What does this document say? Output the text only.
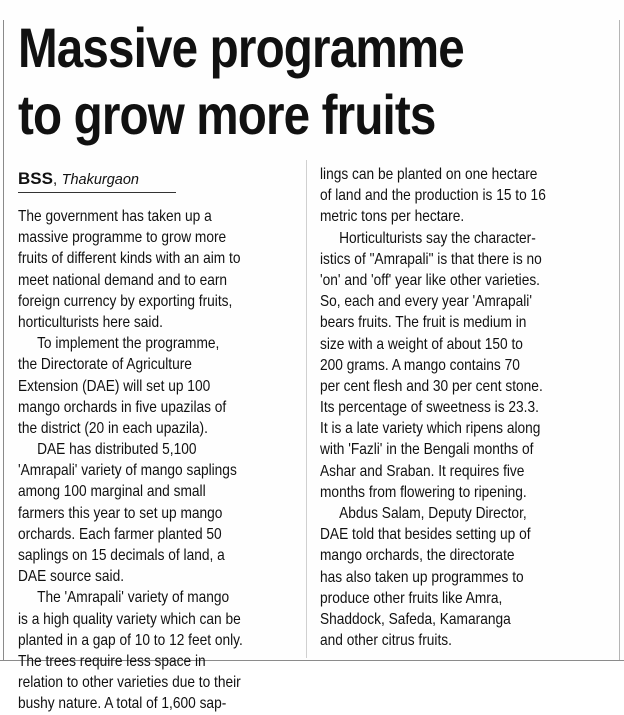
Massive programme
to grow more fruits
BSS, Thakurgaon
The government has taken up a
massive programme to grow more
fruits of different kinds with an aim to
meet national demand and to earn
foreign currency by exporting fruits,
horticulturists here said.
To implement the programme,
the Directorate of Agriculture
Extension (DAE) will set up 100
mango orchards in five upazilas of
the district (20 in each upazila).
DAE has distributed 5,100
'Amrapali' variety of mango saplings
among 100 marginal and small
farmers this year to set up mango
orchards. Each farmer planted 50
saplings on 15 decimals of land, a
DAE source said.
The 'Amrapali' variety of mango
is a high quality variety which can be
planted in a gap of 10 to 12 feet only.
The trees require less space in
relation to other varieties due to their
bushy nature. A total of 1,600 sap-
lings can be planted on one hectare
of land and the production is 15 to 16
metric tons per hectare.
Horticulturists say the character-
istics of "Amrapali" is that there is no
'on' and 'off' year like other varieties.
So, each and every year 'Amrapali'
bears fruits. The fruit is medium in
size with a weight of about 150 to
200 grams. A mango contains 70
per cent flesh and 30 per cent stone.
Its percentage of sweetness is 23.3.
It is a late variety which ripens along
with 'Fazli' in the Bengali months of
Ashar and Sraban. It requires five
months from flowering to ripening.
Abdus Salam, Deputy Director,
DAE told that besides setting up of
mango orchards, the directorate
has also taken up programmes to
produce other fruits like Amra,
Shaddock, Safeda, Kamaranga
and other citrus fruits.
